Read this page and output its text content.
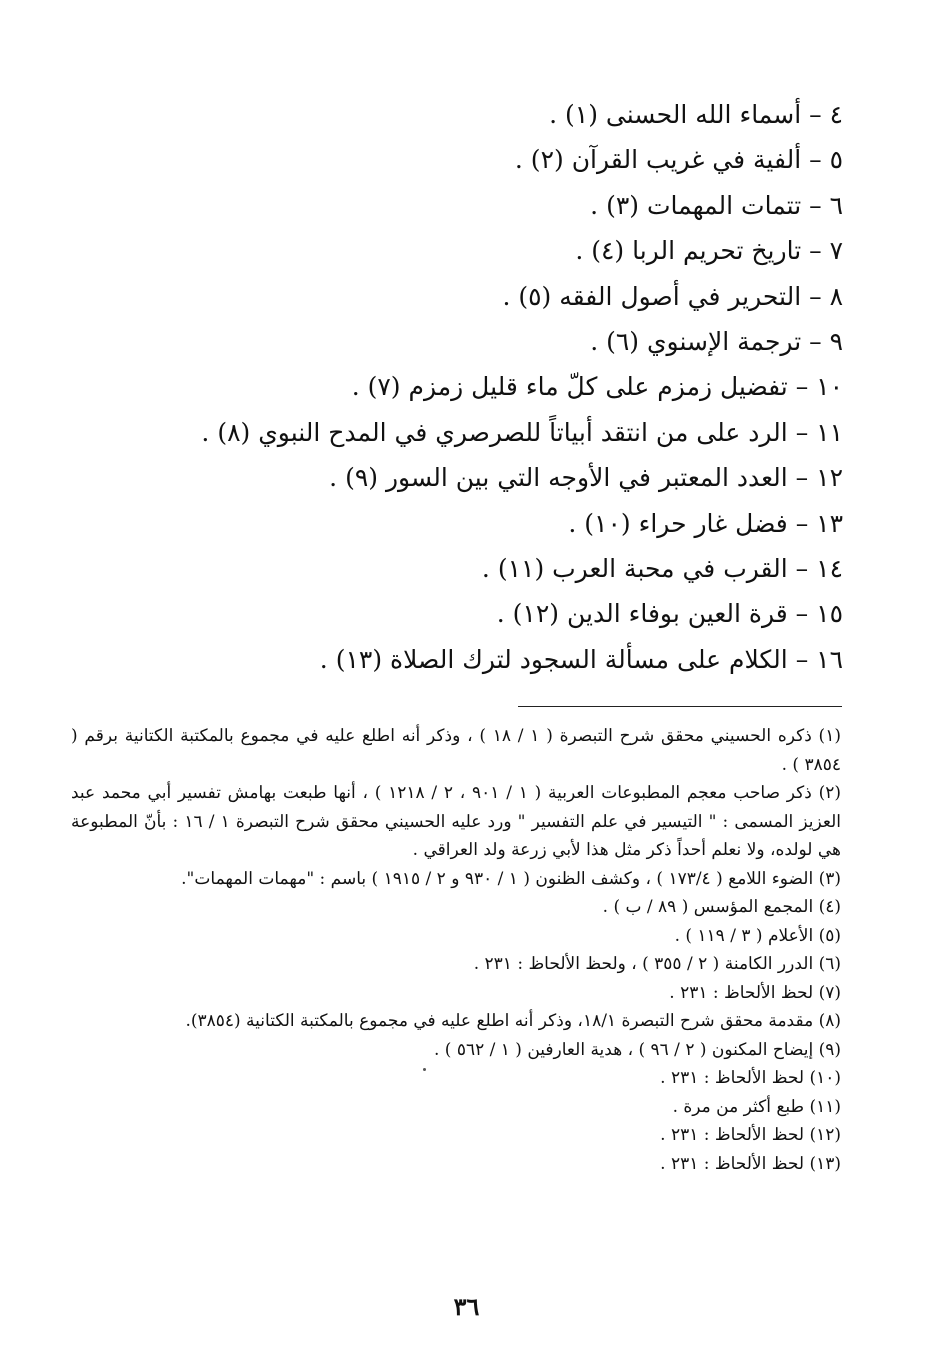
٤ – أسماء الله الحسنى (١) .
٥ – ألفية في غريب القرآن (٢) .
٦ – تتمات المهمات (٣) .
٧ – تاريخ تحريم الربا (٤) .
٨ – التحرير في أصول الفقه (٥) .
٩ – ترجمة الإسنوي (٦) .
١٠ – تفضيل زمزم على كلّ ماء قليل زمزم (٧) .
١١ – الرد على من انتقد أبياتاً للصرصري في المدح النبوي (٨) .
١٢ – العدد المعتبر في الأوجه التي بين السور (٩) .
١٣ – فضل غار حراء (١٠) .
١٤ – القرب في محبة العرب (١١) .
١٥ – قرة العين بوفاء الدين (١٢) .
١٦ – الكلام على مسألة السجود لترك الصلاة (١٣) .
(١) ذكره الحسيني محقق شرح التبصرة ( ١ / ١٨ ) ، وذكر أنه اطلع عليه في مجموع بالمكتبة الكتانية برقم ( ٣٨٥٤ ) .
(٢) ذكر صاحب معجم المطبوعات العربية ( ١ / ٩٠١ ، ٢ / ١٢١٨ ) ، أنها طبعت بهامش تفسير أبي محمد عبد العزيز المسمى : " التيسير في علم التفسير " ورد عليه الحسيني محقق شرح التبصرة ١ / ١٦ : بأنّ المطبوعة هي لولده، ولا نعلم أحداً ذكر مثل هذا لأبي زرعة ولد العراقي .
(٣) الضوء اللامع ( ١٧٣/٤ ) ، وكشف الظنون ( ١ / ٩٣٠ و ٢ / ١٩١٥ ) باسم : "مهمات المهمات".
(٤) المجمع المؤسس ( ٨٩ / ب ) .
(٥) الأعلام ( ٣ / ١١٩ ) .
(٦) الدرر الكامنة ( ٢ / ٣٥٥ ) ، ولحظ الألحاظ : ٢٣١ .
(٧) لحظ الألحاظ : ٢٣١ .
(٨) مقدمة محقق شرح التبصرة ١٨/١، وذكر أنه اطلع عليه في مجموع بالمكتبة الكتانية (٣٨٥٤).
(٩) إيضاح المكنون ( ٢ / ٩٦ ) ، هدية العارفين ( ١ / ٥٦٢ ) .
(١٠) لحظ الألحاظ : ٢٣١ .
(١١) طبع أكثر من مرة .
(١٢) لحظ الألحاظ : ٢٣١ .
(١٣) لحظ الألحاظ : ٢٣١ .
٣٦
